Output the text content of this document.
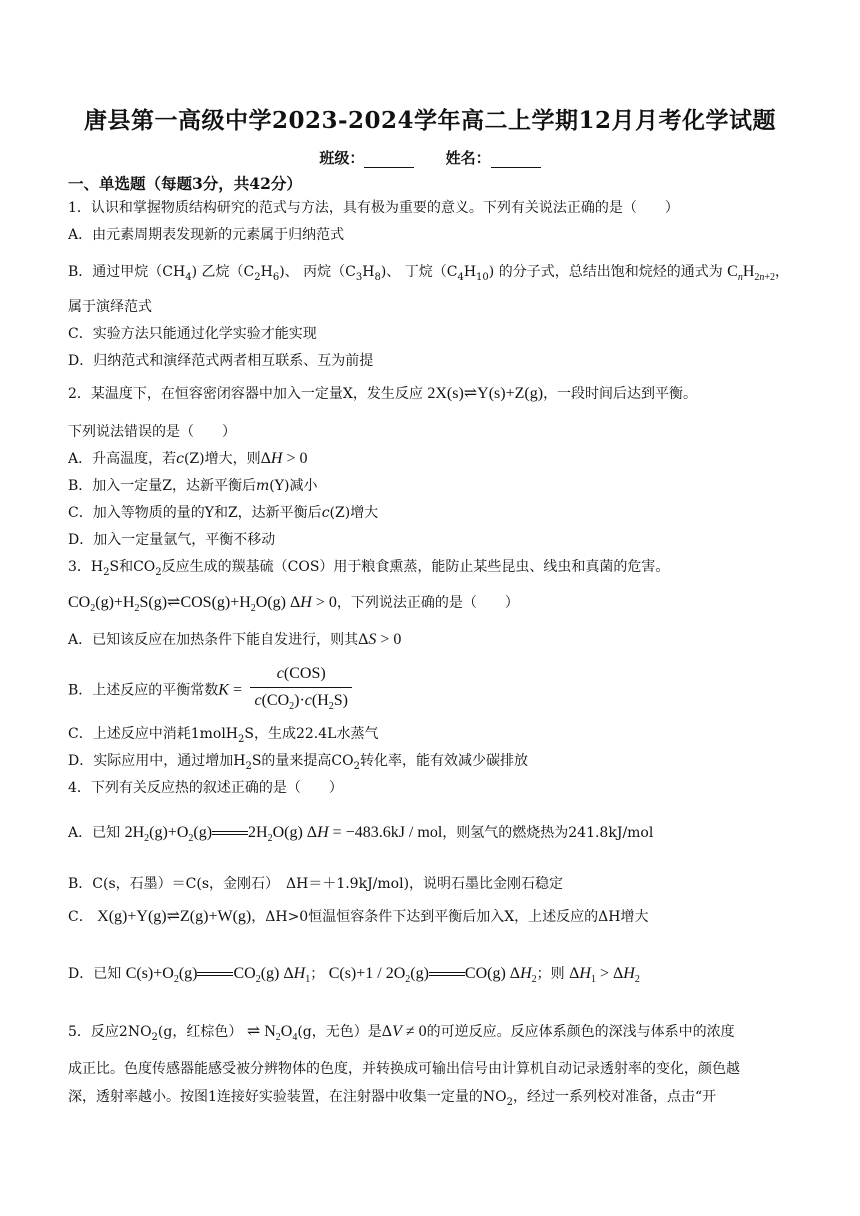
唐县第一高级中学2023-2024学年高二上学期12月月考化学试题
班级：	姓名：
一、单选题（每题3分，共42分）
1．认识和掌握物质结构研究的范式与方法，具有极为重要的意义。下列有关说法正确的是（　　）
A．由元素周期表发现新的元素属于归纳范式
B．通过甲烷$(CH_4)$ 乙烷$(C_2H_6)$、 丙烷$(C_3H_8)$、 丁烷$(C_4H_{10})$ 的分子式，总结出饱和烷烃的通式为 $C_nH_{2n+2}$，
属于演绎范式
C．实验方法只能通过化学实验才能实现
D．归纳范式和演绎范式两者相互联系、互为前提
2．某温度下，在恒容密闭容器中加入一定量X，发生反应 2X(s)⇌Y(s)+Z(g)，一段时间后达到平衡。
下列说法错误的是（　　）
A．升高温度，若c(Z)增大，则ΔH > 0
B．加入一定量Z，达新平衡后m(Y)减小
C．加入等物质的量的Y和Z，达新平衡后c(Z)增大
D．加入一定量氩气，平衡不移动
3．$H_2S$和$CO_2$反应生成的羰基硫（COS）用于粮食熏蒸，能防止某些昆虫、线虫和真菌的危害。
$CO_2(g)+H_2S(g)\rightleftharpoons COS(g)+H_2O(g) \Delta H > 0$，下列说法正确的是（　　）
A．已知该反应在加热条件下能自发进行，则其ΔS > 0
B．上述反应的平衡常数$K = \frac{\text{c(COS)}}{c(CO_2)\cdot c(H_2S)}$
C．上述反应中消耗1molH$_2$S，生成22.4L水蒸气
D．实际应用中，通过增加$H_2S$的量来提高$CO_2$转化率，能有效减少碳排放
4．下列有关反应热的叙述正确的是（　　）
A．已知 $2H_2(g)+O_2(g)$ $2H_2O(g) \Delta H = -483.6kJ$ / mol，则氢气的燃烧热为241.8kJ/mol
B．C(s，石墨）＝C(s，金刚石）　ΔH＝＋1.9kJ/mol)，说明石墨比金刚石稳定
C． X(g)+Y(g)⇌Z(g)+W(g)，ΔH>0恒温恒容条件下达到平衡后加入X，上述反应的ΔH增大
D．已知 $C(s)+O_2(g)$ $CO_2(g)$ $\Delta H_1$； $C(s)+1 / 2O_2(g)$ CO(g) $\Delta H_2$；则 $\Delta H_1 > \Delta H_2$
5．反应$2NO_2(g$，红棕色） ⇌ $N_2O_4(g$，无色）是ΔV ≠ 0的可逆反应。反应体系颜色的深浅与体系中的浓度
成正比。色度传感器能感受被分辨物体的色度，并转换成可输出信号由计算机自动记录透射率的变化，颜色越
深，透射率越小。按图1连接好实验装置，在注射器中收集一定量的$NO_2$，经过一系列校对准备，点击“开
